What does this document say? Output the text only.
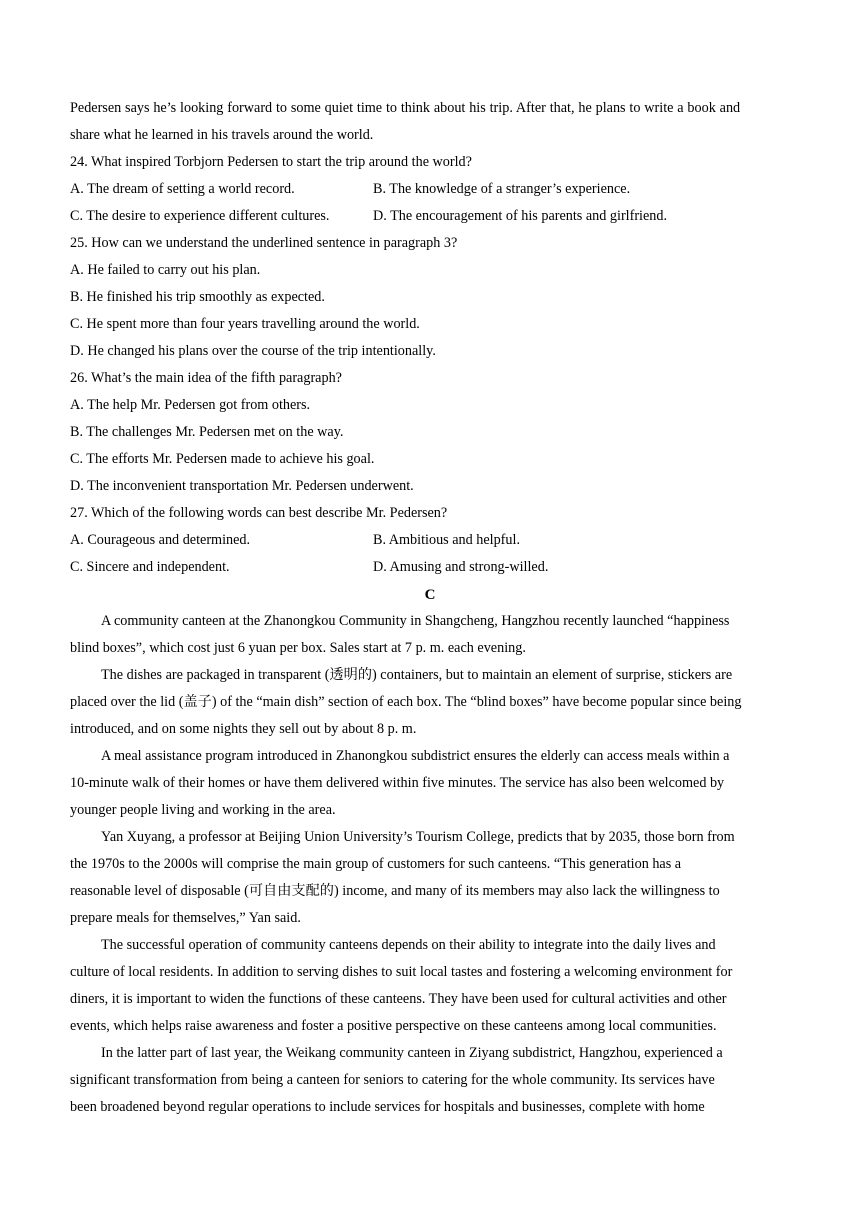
Pedersen says he’s looking forward to some quiet time to think about his trip. After that, he plans to write a book and
share what he learned in his travels around the world.
24. What inspired Torbjorn Pedersen to start the trip around the world?
A. The dream of setting a world record.	B. The knowledge of a stranger’s experience.
C. The desire to experience different cultures.	D. The encouragement of his parents and girlfriend.
25. How can we understand the underlined sentence in paragraph 3?
A. He failed to carry out his plan.
B. He finished his trip smoothly as expected.
C. He spent more than four years travelling around the world.
D. He changed his plans over the course of the trip intentionally.
26. What’s the main idea of the fifth paragraph?
A. The help Mr. Pedersen got from others.
B. The challenges Mr. Pedersen met on the way.
C. The efforts Mr. Pedersen made to achieve his goal.
D. The inconvenient transportation Mr. Pedersen underwent.
27. Which of the following words can best describe Mr. Pedersen?
A. Courageous and determined.	B. Ambitious and helpful.
C. Sincere and independent.	D. Amusing and strong-willed.
C
A community canteen at the Zhanongkou Community in Shangcheng, Hangzhou recently launched “happiness
blind boxes”, which cost just 6 yuan per box. Sales start at 7 p. m. each evening.
The dishes are packaged in transparent (透明的) containers, but to maintain an element of surprise, stickers are
placed over the lid (盖子) of the “main dish” section of each box. The “blind boxes” have become popular since being
introduced, and on some nights they sell out by about 8 p. m.
A meal assistance program introduced in Zhanongkou subdistrict ensures the elderly can access meals within a
10-minute walk of their homes or have them delivered within five minutes. The service has also been welcomed by
younger people living and working in the area.
Yan Xuyang, a professor at Beijing Union University’s Tourism College, predicts that by 2035, those born from
the 1970s to the 2000s will comprise the main group of customers for such canteens. “This generation has a
reasonable level of disposable (可自由支配的) income, and many of its members may also lack the willingness to
prepare meals for themselves,” Yan said.
The successful operation of community canteens depends on their ability to integrate into the daily lives and
culture of local residents. In addition to serving dishes to suit local tastes and fostering a welcoming environment for
diners, it is important to widen the functions of these canteens. They have been used for cultural activities and other
events, which helps raise awareness and foster a positive perspective on these canteens among local communities.
In the latter part of last year, the Weikang community canteen in Ziyang subdistrict, Hangzhou, experienced a
significant transformation from being a canteen for seniors to catering for the whole community. Its services have
been broadened beyond regular operations to include services for hospitals and businesses, complete with home
